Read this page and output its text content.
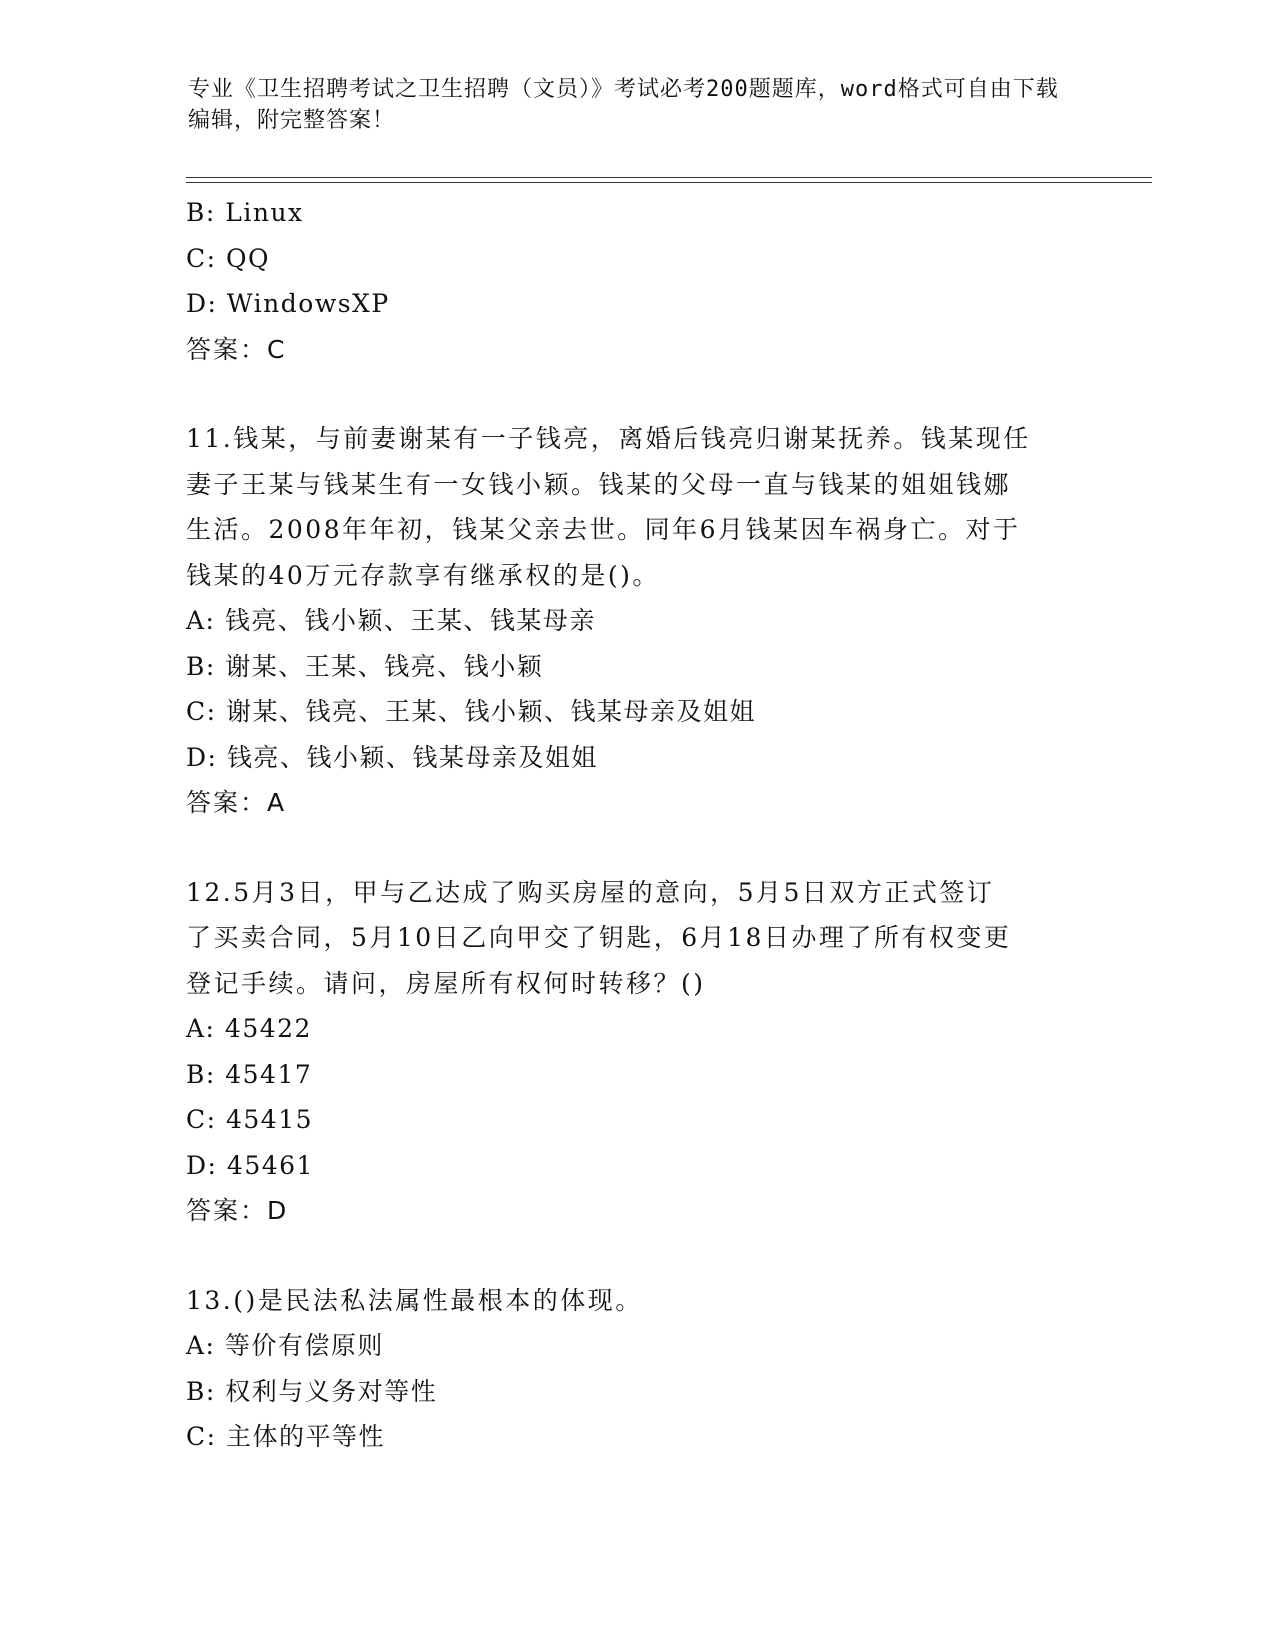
专业《卫生招聘考试之卫生招聘（文员）》考试必考200题题库，word格式可自由下载编辑，附完整答案！

B: Linux
C: QQ
D: WindowsXP
答案：C
11.钱某，与前妻谢某有一子钱亮，离婚后钱亮归谢某抚养。钱某现任
妻子王某与钱某生有一女钱小颖。钱某的父母一直与钱某的姐姐钱娜
生活。2008年年初，钱某父亲去世。同年6月钱某因车祸身亡。对于
钱某的40万元存款享有继承权的是()。
A: 钱亮、钱小颖、王某、钱某母亲
B: 谢某、王某、钱亮、钱小颖
C: 谢某、钱亮、王某、钱小颖、钱某母亲及姐姐
D: 钱亮、钱小颖、钱某母亲及姐姐
答案：A
12.5月3日，甲与乙达成了购买房屋的意向，5月5日双方正式签订
了买卖合同，5月10日乙向甲交了钥匙，6月18日办理了所有权变更
登记手续。请问，房屋所有权何时转移？()
A: 45422
B: 45417
C: 45415
D: 45461
答案：D
13.()是民法私法属性最根本的体现。
A: 等价有偿原则
B: 权利与义务对等性
C: 主体的平等性
